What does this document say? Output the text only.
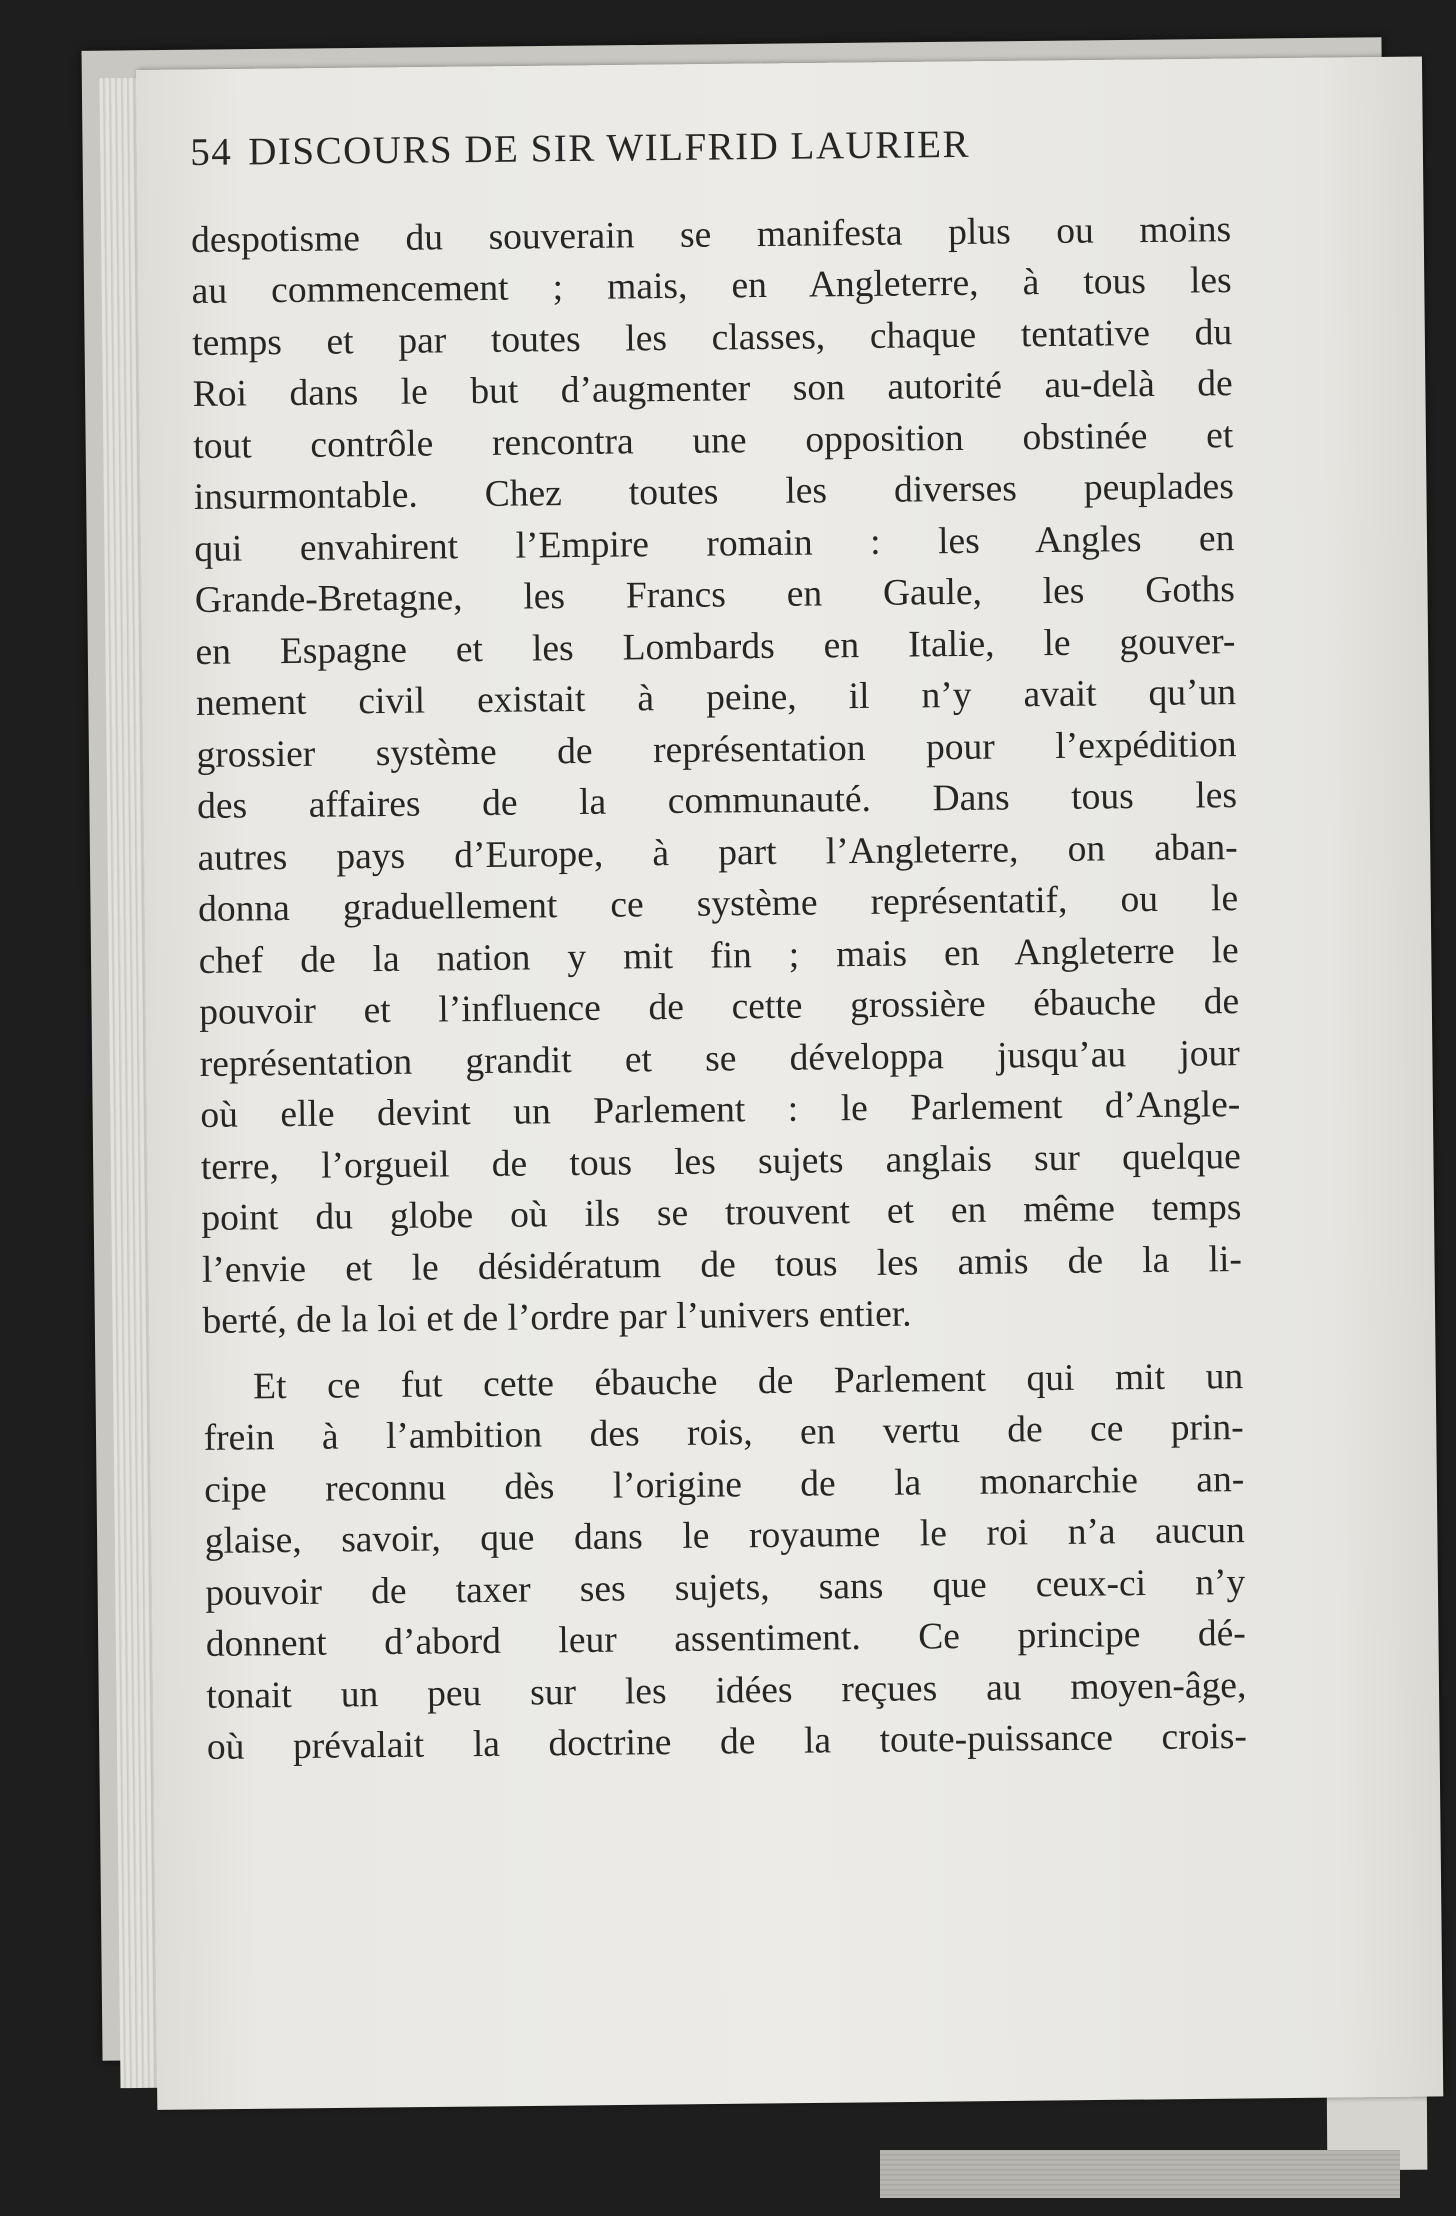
54 DISCOURS DE SIR WILFRID LAURIER

despotisme du souverain se manifesta plus ou moins
au commencement ; mais, en Angleterre, à tous les
temps et par toutes les classes, chaque tentative du
Roi dans le but d’augmenter son autorité au-delà de
tout contrôle rencontra une opposition obstinée et
insurmontable. Chez toutes les diverses peuplades
qui envahirent l’Empire romain : les Angles en
Grande-Bretagne, les Francs en Gaule, les Goths
en Espagne et les Lombards en Italie, le gouver-
nement civil existait à peine, il n’y avait qu’un
grossier système de représentation pour l’expédition
des affaires de la communauté. Dans tous les
autres pays d’Europe, à part l’Angleterre, on aban-
donna graduellement ce système représentatif, ou le
chef de la nation y mit fin ; mais en Angleterre le
pouvoir et l’influence de cette grossière ébauche de
représentation grandit et se développa jusqu’au jour
où elle devint un Parlement : le Parlement d’Angle-
terre, l’orgueil de tous les sujets anglais sur quelque
point du globe où ils se trouvent et en même temps
l’envie et le désidératum de tous les amis de la li-
berté, de la loi et de l’ordre par l’univers entier.

Et ce fut cette ébauche de Parlement qui mit un
frein à l’ambition des rois, en vertu de ce prin-
cipe reconnu dès l’origine de la monarchie an-
glaise, savoir, que dans le royaume le roi n’a aucun
pouvoir de taxer ses sujets, sans que ceux-ci n’y
donnent d’abord leur assentiment. Ce principe dé-
tonait un peu sur les idées reçues au moyen-âge,
où prévalait la doctrine de la toute-puissance crois-
